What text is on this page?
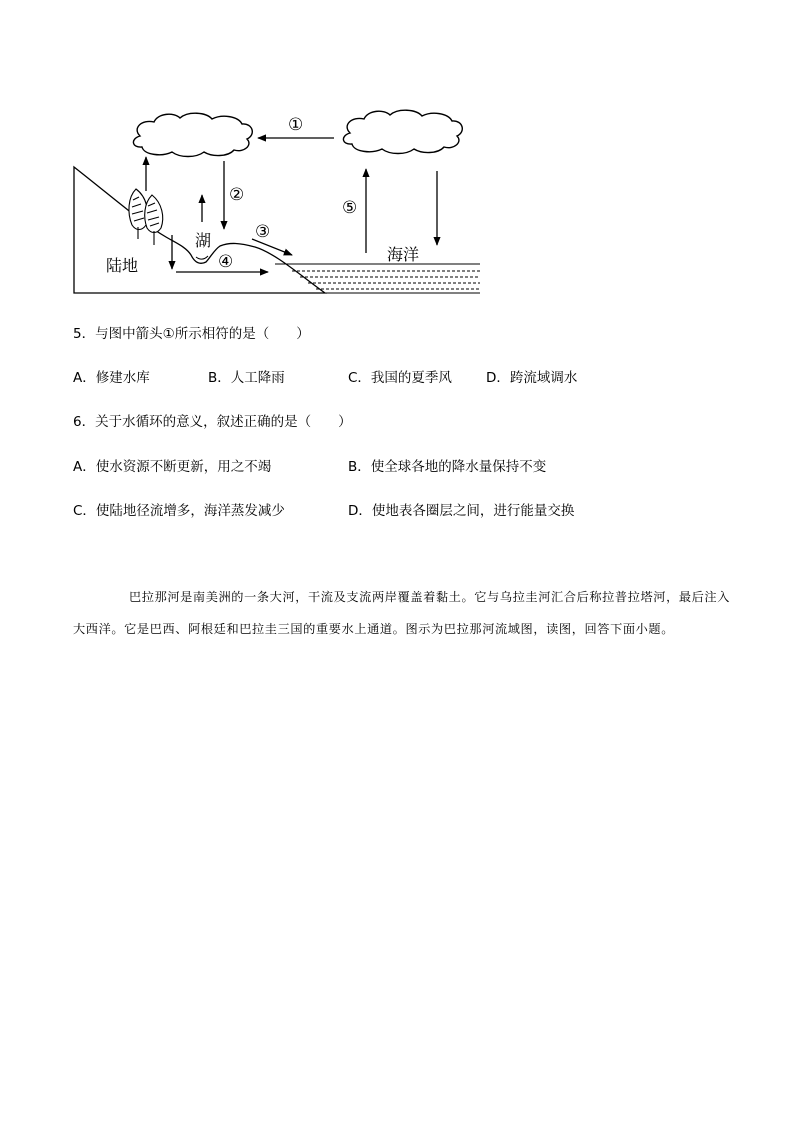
①
②
③
④
⑤
湖
陆地
海洋
5．与图中箭头①所示相符的是（　　）
A．修建水库	B．人工降雨	C．我国的夏季风	D．跨流域调水
6．关于水循环的意义，叙述正确的是（　　）
A．使水资源不断更新，用之不竭	B．使全球各地的降水量保持不变
C．使陆地径流增多，海洋蒸发减少	D．使地表各圈层之间，进行能量交换
巴拉那河是南美洲的一条大河，干流及支流两岸覆盖着黏土。它与乌拉圭河汇合后称拉普拉塔河，最后注入大西洋。它是巴西、阿根廷和巴拉圭三国的重要水上通道。图示为巴拉那河流域图，读图，回答下面小题。
